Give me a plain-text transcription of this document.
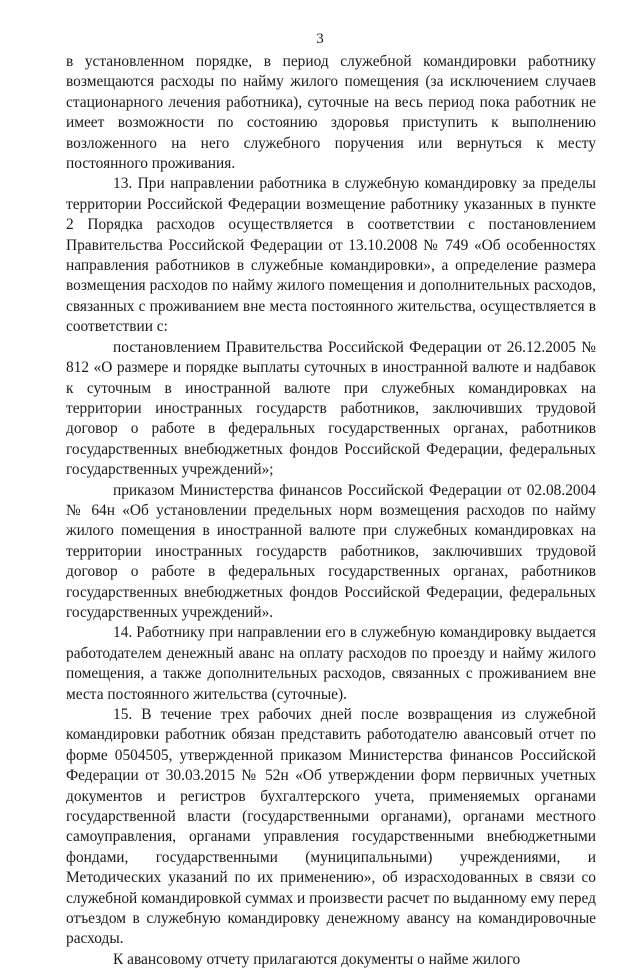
3

в установленном порядке, в период служебной командировки работнику возмещаются расходы по найму жилого помещения (за исключением случаев стационарного лечения работника), суточные на весь период пока работник не имеет возможности по состоянию здоровья приступить к выполнению возложенного на него служебного поручения или вернуться к месту постоянного проживания.

13. При направлении работника в служебную командировку за пределы территории Российской Федерации возмещение работнику указанных в пункте 2 Порядка расходов осуществляется в соответствии с постановлением Правительства Российской Федерации от 13.10.2008 № 749 «Об особенностях направления работников в служебные командировки», а определение размера возмещения расходов по найму жилого помещения и дополнительных расходов, связанных с проживанием вне места постоянного жительства, осуществляется в соответствии с:

постановлением Правительства Российской Федерации от 26.12.2005 № 812 «О размере и порядке выплаты суточных в иностранной валюте и надбавок к суточным в иностранной валюте при служебных командировках на территории иностранных государств работников, заключивших трудовой договор о работе в федеральных государственных органах, работников государственных внебюджетных фондов Российской Федерации, федеральных государственных учреждений»;

приказом Министерства финансов Российской Федерации от 02.08.2004 № 64н «Об установлении предельных норм возмещения расходов по найму жилого помещения в иностранной валюте при служебных командировках на территории иностранных государств работников, заключивших трудовой договор о работе в федеральных государственных органах, работников государственных внебюджетных фондов Российской Федерации, федеральных государственных учреждений».

14. Работнику при направлении его в служебную командировку выдается работодателем денежный аванс на оплату расходов по проезду и найму жилого помещения, а также дополнительных расходов, связанных с проживанием вне места постоянного жительства (суточные).

15. В течение трех рабочих дней после возвращения из служебной командировки работник обязан представить работодателю авансовый отчет по форме 0504505, утвержденной приказом Министерства финансов Российской Федерации от 30.03.2015 № 52н «Об утверждении форм первичных учетных документов и регистров бухгалтерского учета, применяемых органами государственной власти (государственными органами), органами местного самоуправления, органами управления государственными внебюджетными фондами, государственными (муниципальными) учреждениями, и Методических указаний по их применению», об израсходованных в связи со служебной командировкой суммах и произвести расчет по выданному ему перед отъездом в служебную командировку денежному авансу на командировочные расходы.

К авансовому отчету прилагаются документы о найме жилого
